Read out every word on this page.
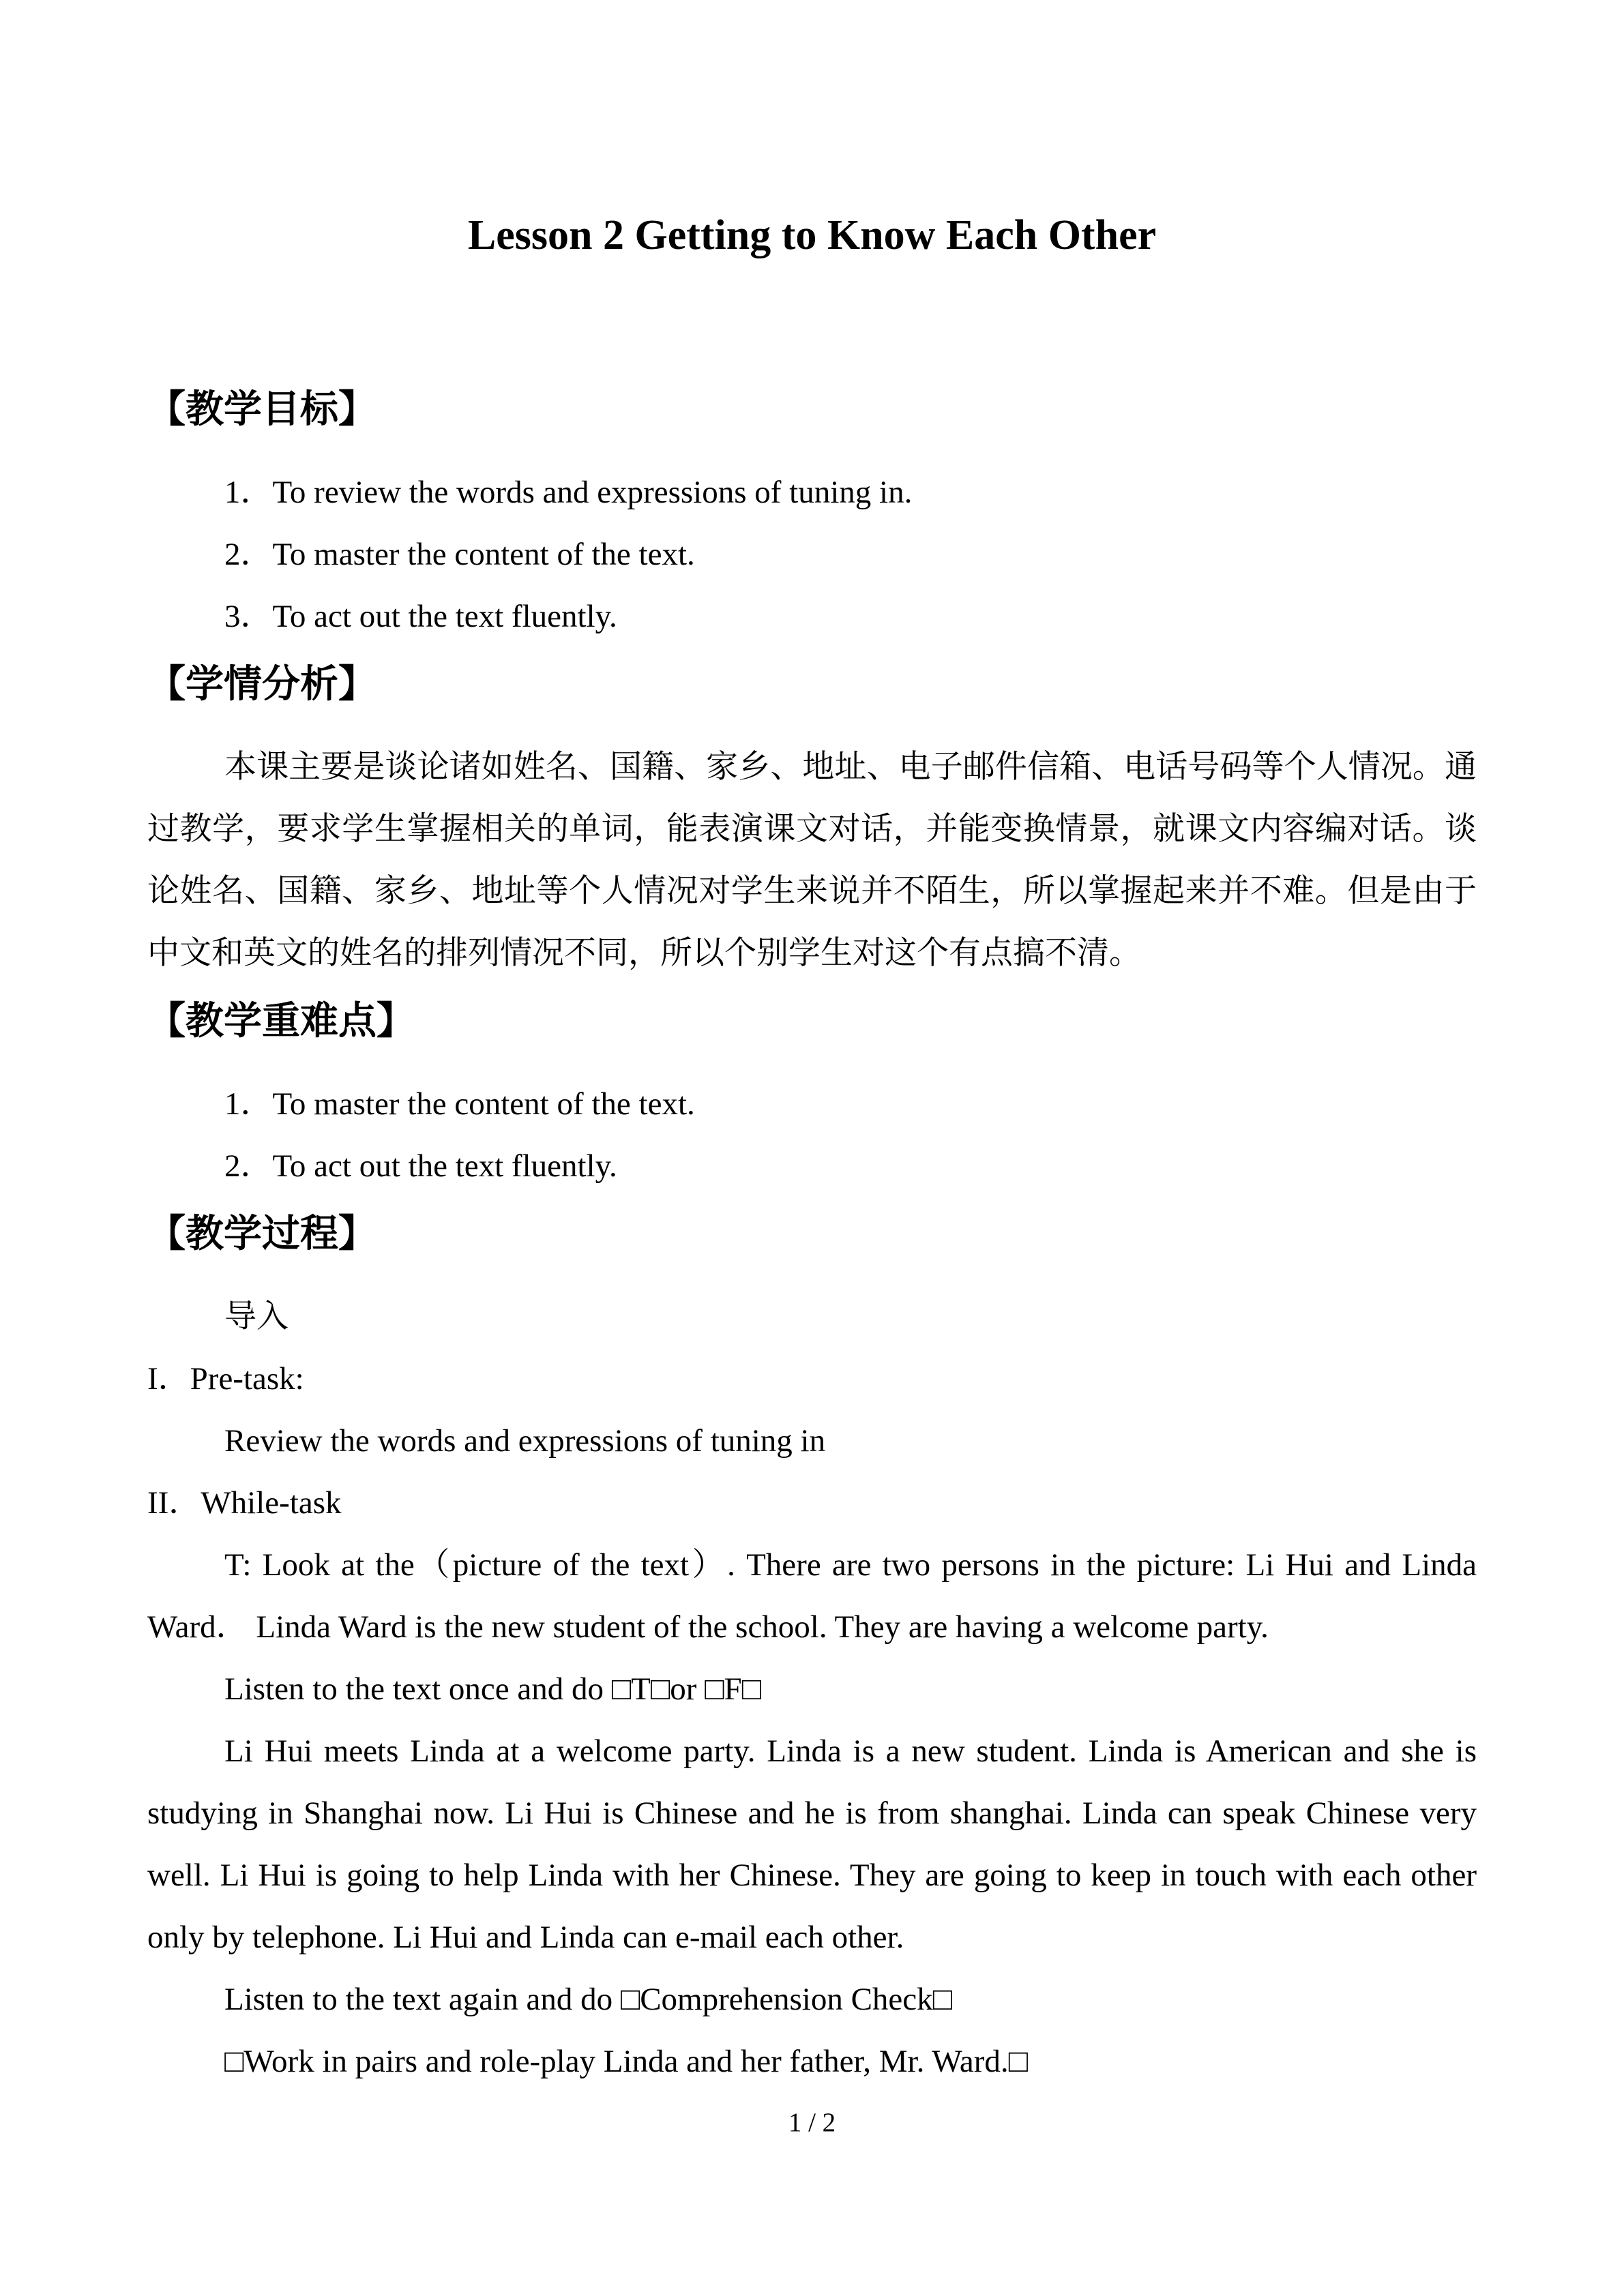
Lesson 2 Getting to Know Each Other
【教学目标】

1．To review the words and expressions of tuning in.

2．To master the content of the text.

3．To act out the text fluently.

【学情分析】

本课主要是谈论诸如姓名、国籍、家乡、地址、电子邮件信箱、电话号码等个人情况。通过教学，要求学生掌握相关的单词，能表演课文对话，并能变换情景，就课文内容编对话。谈论姓名、国籍、家乡、地址等个人情况对学生来说并不陌生，所以掌握起来并不难。但是由于中文和英文的姓名的排列情况不同，所以个别学生对这个有点搞不清。

【教学重难点】

1．To master the content of the text.

2．To act out the text fluently.

【教学过程】

导入

I．Pre-task:

Review the words and expressions of tuning in

II．While-task

T: Look at the（picture of the text）. There are two persons in the picture: Li Hui and Linda Ward． Linda Ward is the new student of the school. They are having a welcome party.

Listen to the text once and do □T□or □F□

Li Hui meets Linda at a welcome party. Linda is a new student. Linda is American and she is studying in Shanghai now. Li Hui is Chinese and he is from shanghai. Linda can speak Chinese very well. Li Hui is going to help Linda with her Chinese. They are going to keep in touch with each other only by telephone. Li Hui and Linda can e-mail each other.

Listen to the text again and do □Comprehension Check□

□Work in pairs and role-play Linda and her father, Mr. Ward.□

1 / 2
